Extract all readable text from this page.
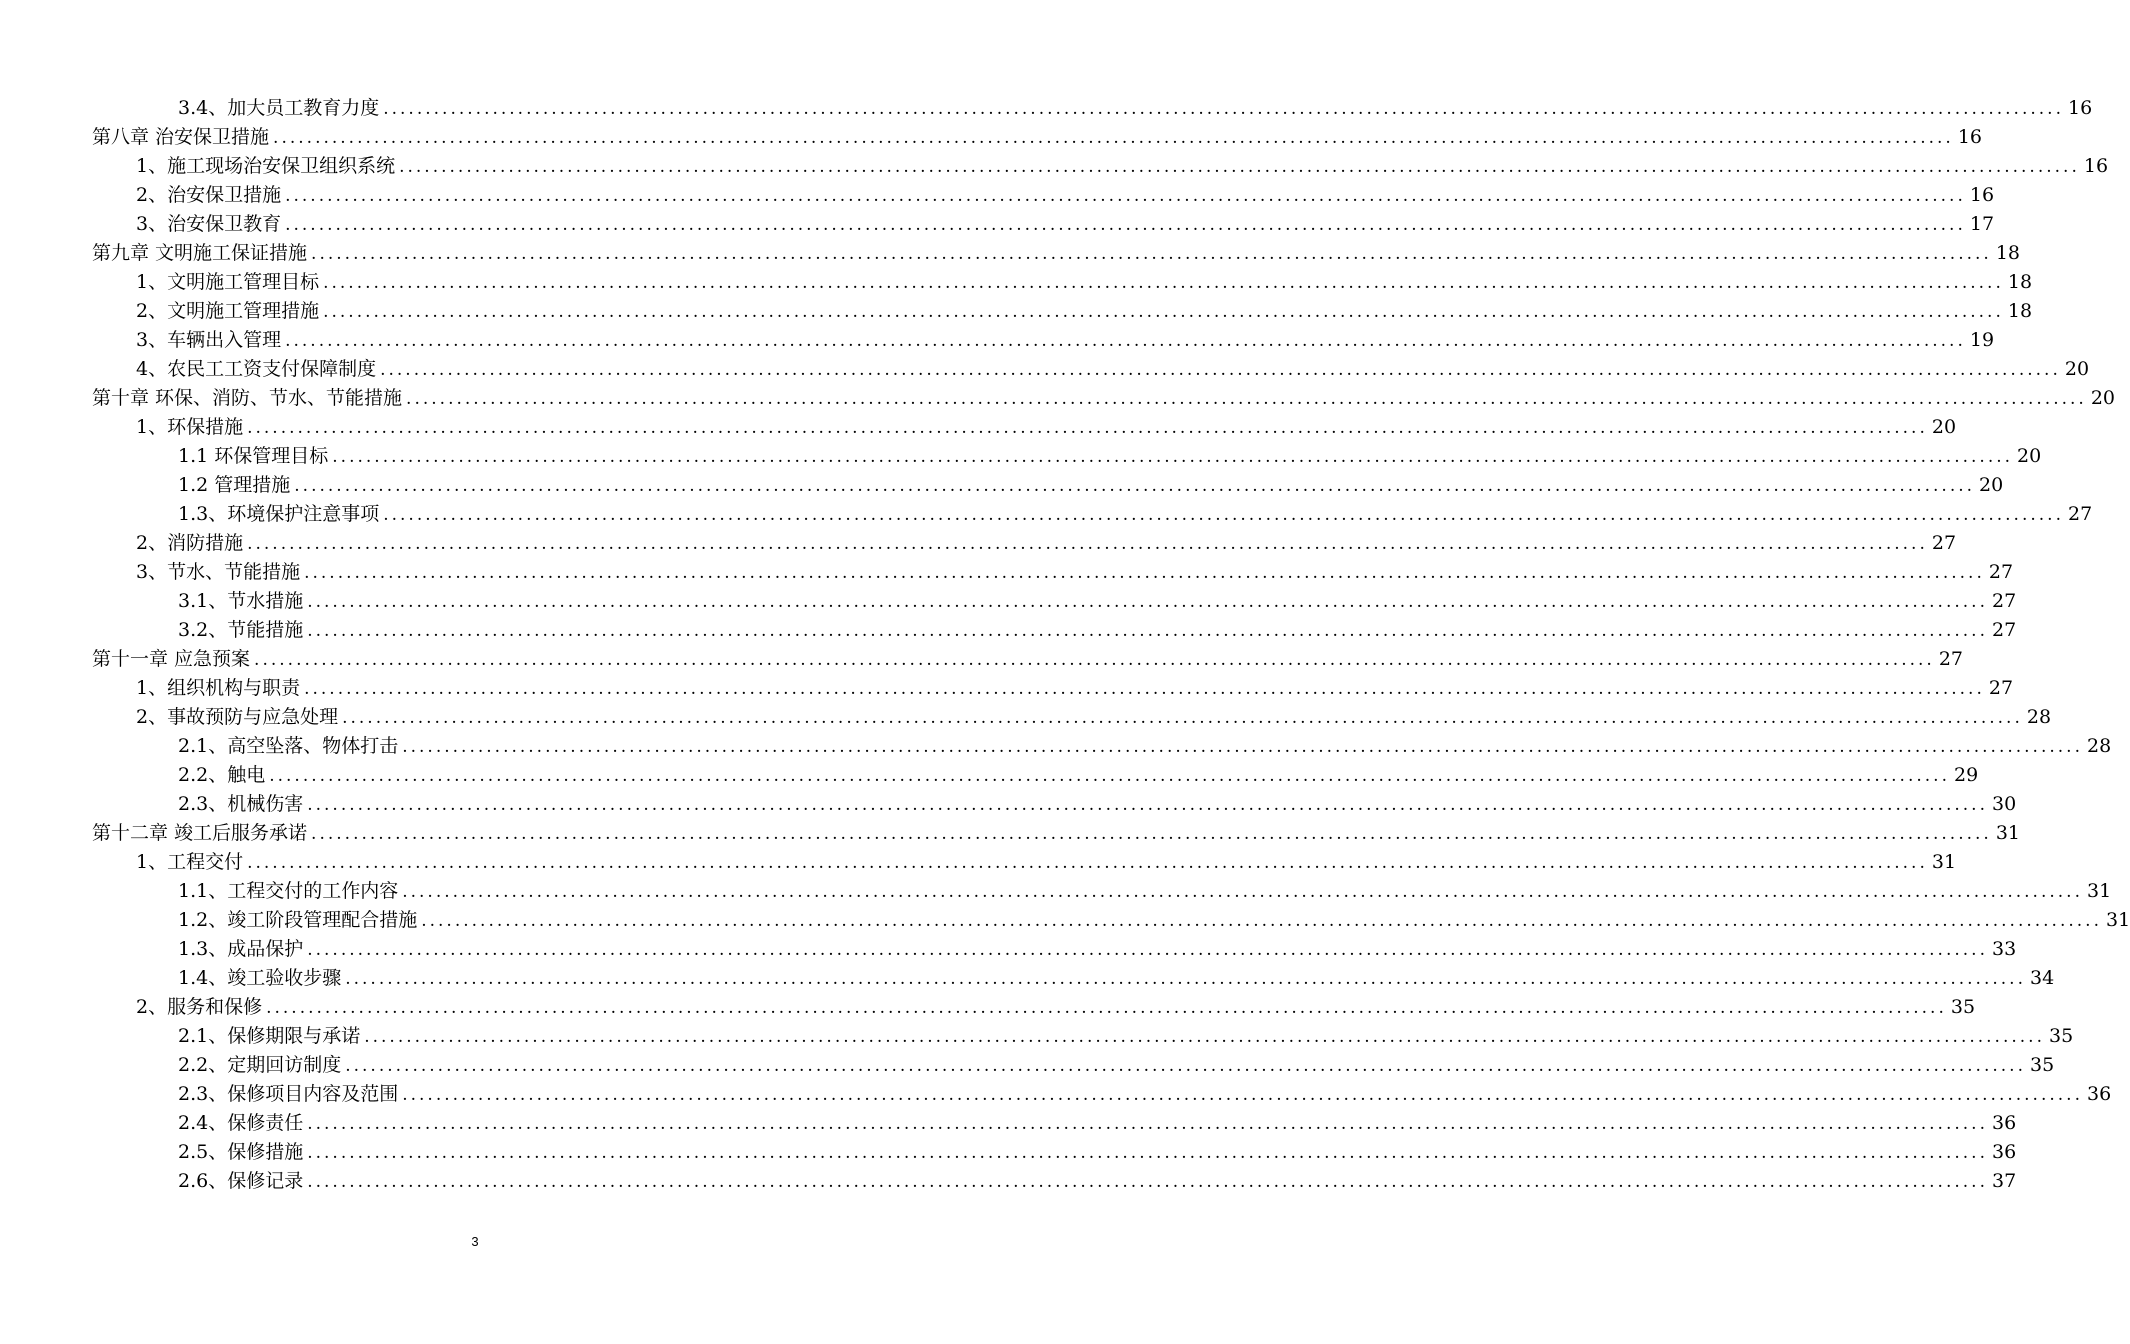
3.4、加大员工教育力度 ........................................................................................................................................................................................................ 16
第八章 治安保卫措施 ........................................................................................................................................................................................................ 16
1、施工现场治安保卫组织系统 ........................................................................................................................................................................................................ 16
2、治安保卫措施 ........................................................................................................................................................................................................ 16
3、治安保卫教育 ........................................................................................................................................................................................................ 17
第九章 文明施工保证措施 ........................................................................................................................................................................................................ 18
1、文明施工管理目标 ........................................................................................................................................................................................................ 18
2、文明施工管理措施 ........................................................................................................................................................................................................ 18
3、车辆出入管理 ........................................................................................................................................................................................................ 19
4、农民工工资支付保障制度 ........................................................................................................................................................................................................ 20
第十章 环保、消防、节水、节能措施 ........................................................................................................................................................................................................ 20
1、环保措施 ........................................................................................................................................................................................................ 20
1.1 环保管理目标 ........................................................................................................................................................................................................ 20
1.2 管理措施 ........................................................................................................................................................................................................ 20
1.3、环境保护注意事项 ........................................................................................................................................................................................................ 27
2、消防措施 ........................................................................................................................................................................................................ 27
3、节水、节能措施 ........................................................................................................................................................................................................ 27
3.1、节水措施 ........................................................................................................................................................................................................ 27
3.2、节能措施 ........................................................................................................................................................................................................ 27
第十一章 应急预案 ........................................................................................................................................................................................................ 27
1、组织机构与职责 ........................................................................................................................................................................................................ 27
2、事故预防与应急处理 ........................................................................................................................................................................................................ 28
2.1、高空坠落、物体打击 ........................................................................................................................................................................................................ 28
2.2、触电 ........................................................................................................................................................................................................ 29
2.3、机械伤害 ........................................................................................................................................................................................................ 30
第十二章 竣工后服务承诺 ........................................................................................................................................................................................................ 31
1、工程交付 ........................................................................................................................................................................................................ 31
1.1、工程交付的工作内容 ........................................................................................................................................................................................................ 31
1.2、竣工阶段管理配合措施 ........................................................................................................................................................................................................ 31
1.3、成品保护 ........................................................................................................................................................................................................ 33
1.4、竣工验收步骤 ........................................................................................................................................................................................................ 34
2、服务和保修 ........................................................................................................................................................................................................ 35
2.1、保修期限与承诺 ........................................................................................................................................................................................................ 35
2.2、定期回访制度 ........................................................................................................................................................................................................ 35
2.3、保修项目内容及范围 ........................................................................................................................................................................................................ 36
2.4、保修责任 ........................................................................................................................................................................................................ 36
2.5、保修措施 ........................................................................................................................................................................................................ 36
2.6、保修记录 ........................................................................................................................................................................................................ 37
3
